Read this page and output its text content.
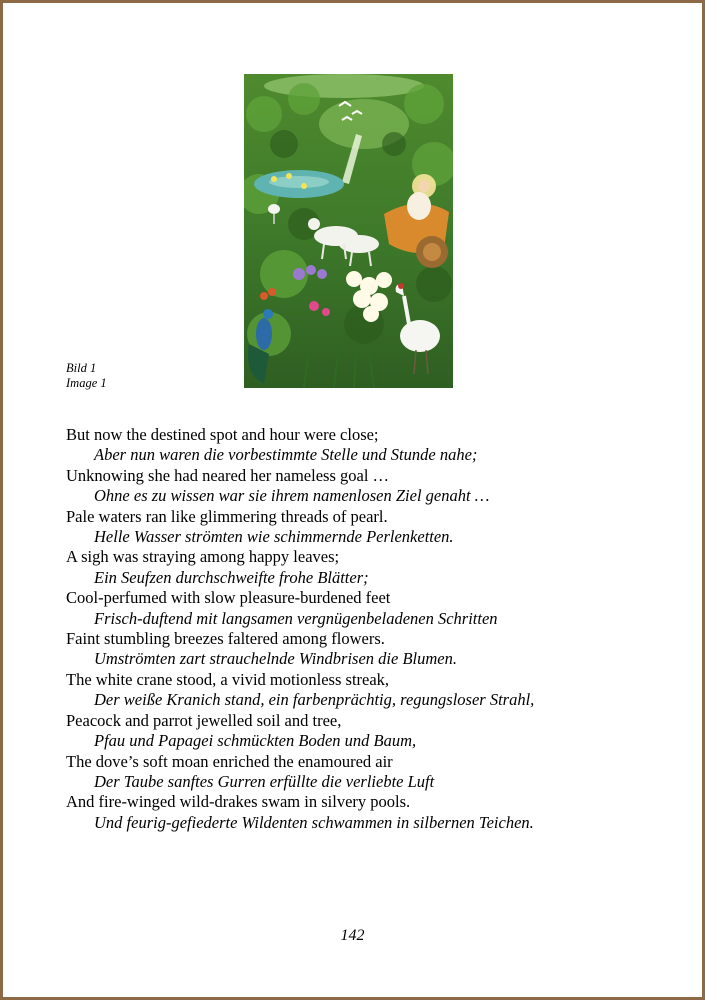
Bild 1
Image 1
But now the destined spot and hour were close;
Aber nun waren die vorbestimmte Stelle und Stunde nahe;
Unknowing she had neared her nameless goal …
Ohne es zu wissen war sie ihrem namenlosen Ziel genaht …
Pale waters ran like glimmering threads of pearl.
Helle Wasser strömten wie schimmernde Perlenketten.
A sigh was straying among happy leaves;
Ein Seufzen durchschweifte frohe Blätter;
Cool-perfumed with slow pleasure-burdened feet
Frisch-duftend mit langsamen vergnügenbeladenen Schritten
Faint stumbling breezes faltered among flowers.
Umströmten zart strauchelnde Windbrisen die Blumen.
The white crane stood, a vivid motionless streak,
Der weiße Kranich stand, ein farbenprächtig, regungsloser Strahl,
Peacock and parrot jewelled soil and tree,
Pfau und Papagei schmückten Boden und Baum,
The dove’s soft moan enriched the enamoured air
Der Taube sanftes Gurren erfüllte die verliebte Luft
And fire-winged wild-drakes swam in silvery pools.
Und feurig-gefiederte Wildenten schwammen in silbernen Teichen.
142
